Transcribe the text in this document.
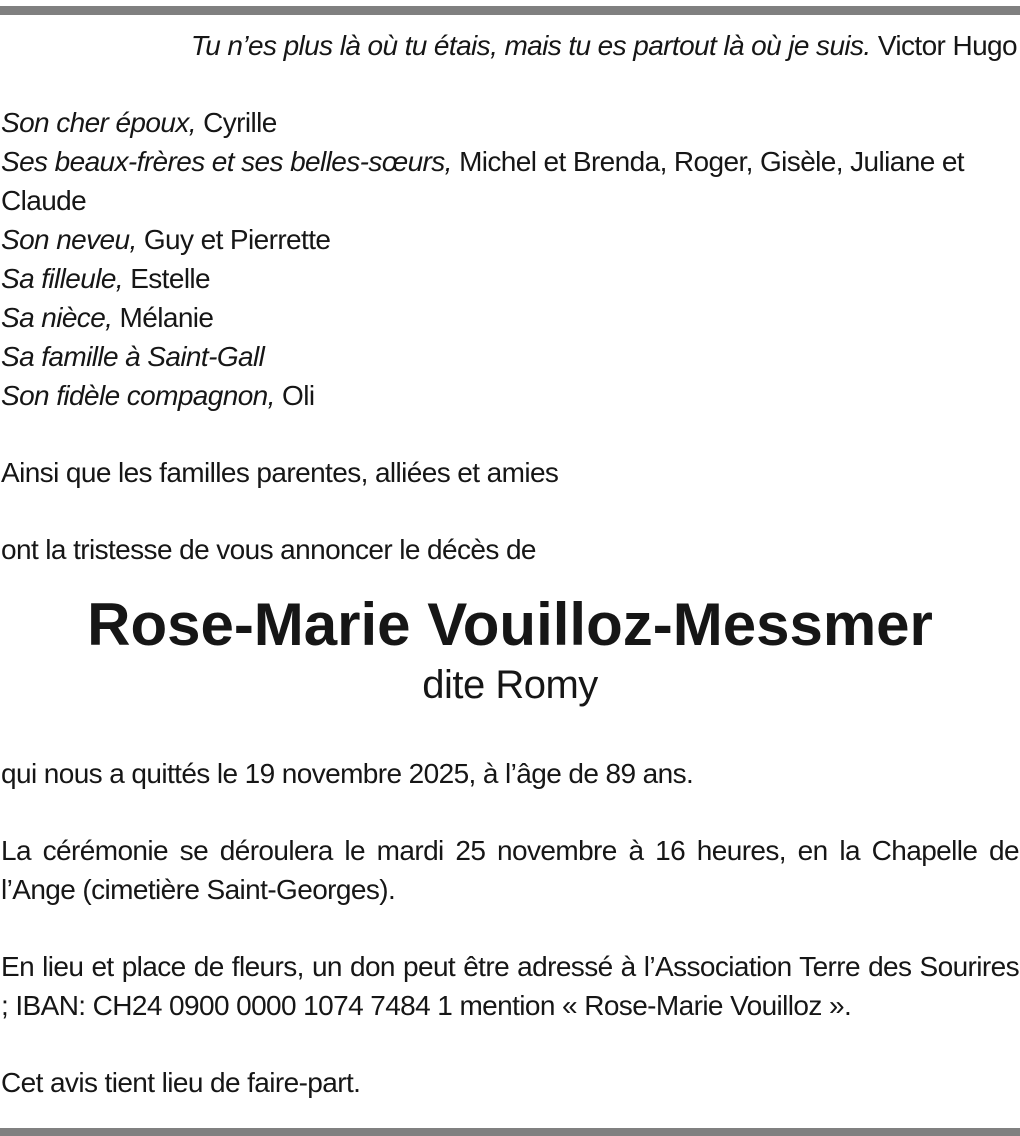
Tu n’es plus là où tu étais, mais tu es partout là où je suis. Victor Hugo
Son cher époux, Cyrille
Ses beaux-frères et ses belles-sœurs, Michel et Brenda, Roger, Gisèle, Juliane et Claude
Son neveu, Guy et Pierrette
Sa filleule, Estelle
Sa nièce, Mélanie
Sa famille à Saint-Gall
Son fidèle compagnon, Oli
Ainsi que les familles parentes, alliées et amies
ont la tristesse de vous annoncer le décès de
Rose-Marie Vouilloz-Messmer
dite Romy
qui nous a quittés le 19 novembre 2025, à l’âge de 89 ans.
La cérémonie se déroulera le mardi 25 novembre à 16 heures, en la Chapelle de l’Ange (cimetière Saint-Georges).
En lieu et place de fleurs, un don peut être adressé à l’Association Terre des Sourires ; IBAN: CH24 0900 0000 1074 7484 1 mention « Rose-Marie Vouilloz ».
Cet avis tient lieu de faire-part.
